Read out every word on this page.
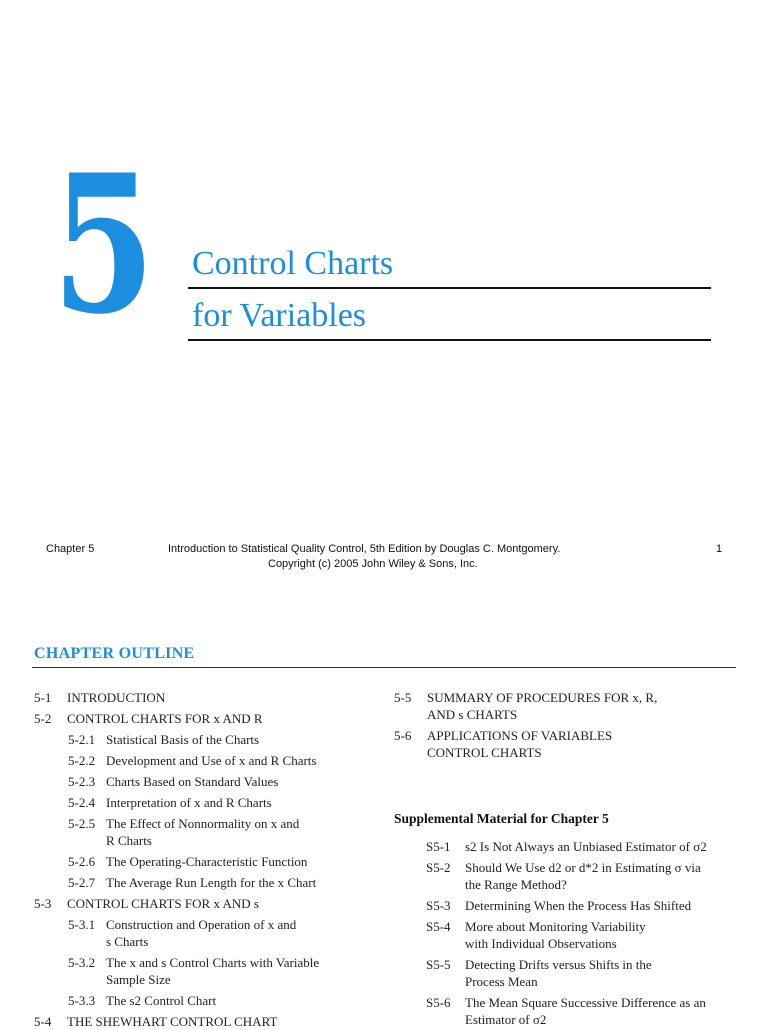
5 Control Charts
for Variables
Chapter 5	Introduction to Statistical Quality Control, 5th Edition by Douglas C. Montgomery.
Copyright (c) 2005 John Wiley & Sons, Inc.
1
CHAPTER OUTLINE
5-1 INTRODUCTION
5-2 CONTROL CHARTS FOR x AND R
5-2.1 Statistical Basis of the Charts
5-2.2 Development and Use of x and R Charts
5-2.3 Charts Based on Standard Values
5-2.4 Interpretation of x and R Charts
5-2.5 The Effect of Nonnormality on x and
R Charts
5-2.6 The Operating-Characteristic Function
5-2.7 The Average Run Length for the x Chart
5-3 CONTROL CHARTS FOR x AND s
5-3.1 Construction and Operation of x and
s Charts
5-3.2 The x and s Control Charts with Variable
Sample Size
5-3.3 The s2 Control Chart
5-4 THE SHEWHART CONTROL CHART
5-5 SUMMARY OF PROCEDURES FOR x, R,
AND s CHARTS
5-6 APPLICATIONS OF VARIABLES
CONTROL CHARTS
Supplemental Material for Chapter 5
S5-1 s2 Is Not Always an Unbiased Estimator of σ2
S5-2 Should We Use d2 or d*2 in Estimating σ via
the Range Method?
S5-3 Determining When the Process Has Shifted
S5-4 More about Monitoring Variability
with Individual Observations
S5-5 Detecting Drifts versus Shifts in the
Process Mean
S5-6 The Mean Square Successive Difference as an
Estimator of σ2
